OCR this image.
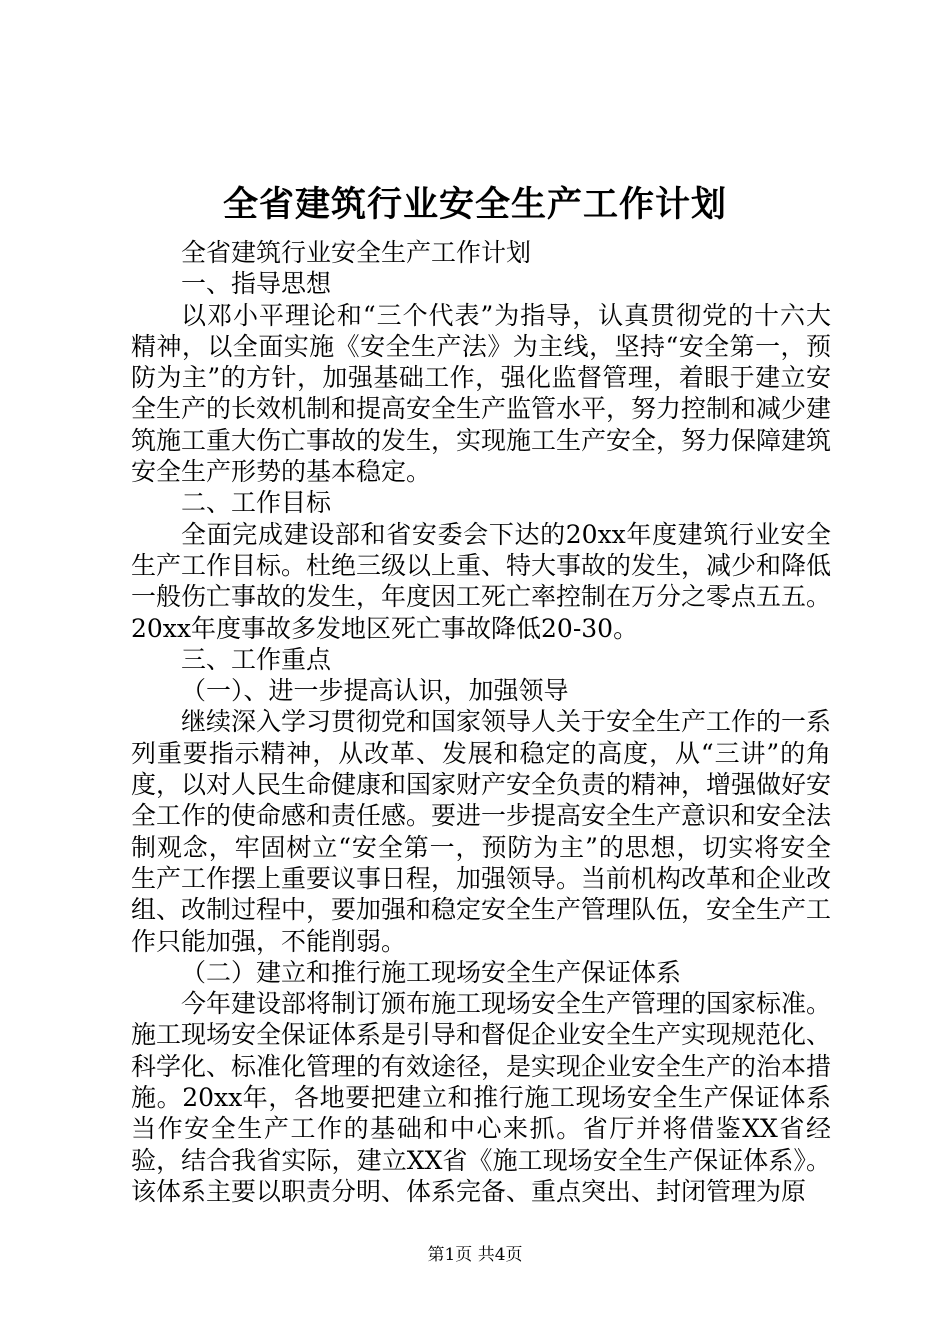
全省建筑行业安全生产工作计划

全省建筑行业安全生产工作计划

一、指导思想

以邓小平理论和“三个代表”为指导，认真贯彻党的十六大精神，以全面实施《安全生产法》为主线，坚持“安全第一，预防为主”的方针，加强基础工作，强化监督管理，着眼于建立安全生产的长效机制和提高安全生产监管水平，努力控制和减少建筑施工重大伤亡事故的发生，实现施工生产安全，努力保障建筑安全生产形势的基本稳定。

二、工作目标

全面完成建设部和省安委会下达的20xx年度建筑行业安全生产工作目标。杜绝三级以上重、特大事故的发生，减少和降低一般伤亡事故的发生，年度因工死亡率控制在万分之零点五五。20xx年度事故多发地区死亡事故降低20-30。

三、工作重点

（一）、进一步提高认识，加强领导

继续深入学习贯彻党和国家领导人关于安全生产工作的一系列重要指示精神，从改革、发展和稳定的高度，从“三讲”的角度，以对人民生命健康和国家财产安全负责的精神，增强做好安全工作的使命感和责任感。要进一步提高安全生产意识和安全法制观念，牢固树立“安全第一，预防为主”的思想，切实将安全生产工作摆上重要议事日程，加强领导。当前机构改革和企业改组、改制过程中，要加强和稳定安全生产管理队伍，安全生产工作只能加强，不能削弱。

（二）建立和推行施工现场安全生产保证体系

今年建设部将制订颁布施工现场安全生产管理的国家标准。施工现场安全保证体系是引导和督促企业安全生产实现规范化、科学化、标准化管理的有效途径，是实现企业安全生产的治本措施。20xx年，各地要把建立和推行施工现场安全生产保证体系当作安全生产工作的基础和中心来抓。省厅并将借鉴XX省经验，结合我省实际，建立XX省《施工现场安全生产保证体系》。该体系主要以职责分明、体系完备、重点突出、封闭管理为原

第1页 共4页
